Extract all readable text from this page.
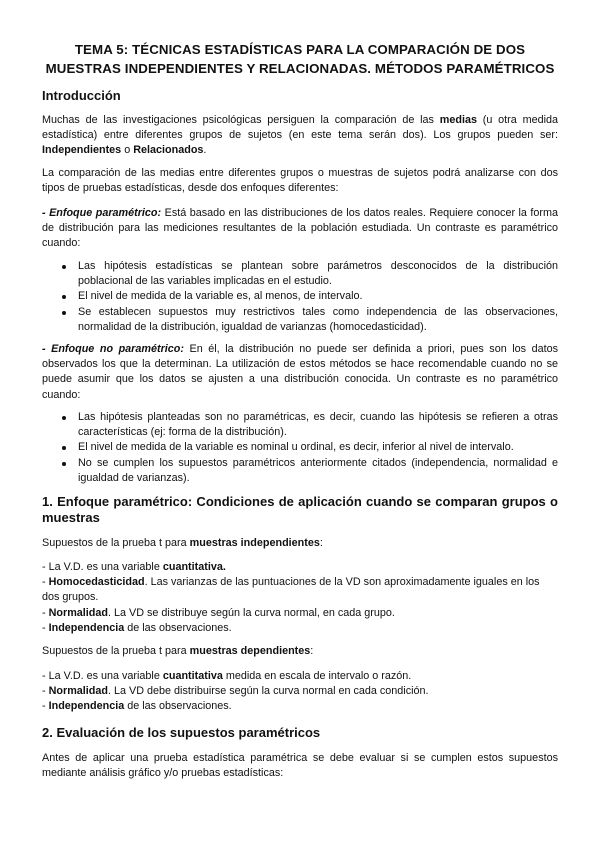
TEMA 5: TÉCNICAS ESTADÍSTICAS PARA LA COMPARACIÓN DE DOS
MUESTRAS INDEPENDIENTES Y RELACIONADAS. MÉTODOS PARAMÉTRICOS
Introducción

Muchas de las investigaciones psicológicas persiguen la comparación de las medias (u otra medida estadística) entre diferentes grupos de sujetos (en este tema serán dos). Los grupos pueden ser: Independientes o Relacionados.

La comparación de las medias entre diferentes grupos o muestras de sujetos podrá analizarse con dos tipos de pruebas estadísticas, desde dos enfoques diferentes:

- Enfoque paramétrico: Está basado en las distribuciones de los datos reales. Requiere conocer la forma de distribución para las mediciones resultantes de la población estudiada. Un contraste es paramétrico cuando:

Las hipótesis estadísticas se plantean sobre parámetros desconocidos de la distribución poblacional de las variables implicadas en el estudio.
El nivel de medida de la variable es, al menos, de intervalo.
Se establecen supuestos muy restrictivos tales como independencia de las observaciones, normalidad de la distribución, igualdad de varianzas (homocedasticidad).

- Enfoque no paramétrico: En él, la distribución no puede ser definida a priori, pues son los datos observados los que la determinan. La utilización de estos métodos se hace recomendable cuando no se puede asumir que los datos se ajusten a una distribución conocida. Un contraste es no paramétrico cuando:

Las hipótesis planteadas son no paramétricas, es decir, cuando las hipótesis se refieren a otras características (ej: forma de la distribución).
El nivel de medida de la variable es nominal u ordinal, es decir, inferior al nivel de intervalo.
No se cumplen los supuestos paramétricos anteriormente citados (independencia, normalidad e igualdad de varianzas).
1. Enfoque paramétrico: Condiciones de aplicación cuando se comparan grupos o muestras
Supuestos de la prueba t para muestras independientes:
- La V.D. es una variable cuantitativa.
- Homocedasticidad. Las varianzas de las puntuaciones de la VD son aproximadamente iguales en los dos grupos.
- Normalidad. La VD se distribuye según la curva normal, en cada grupo.
- Independencia de las observaciones.
Supuestos de la prueba t para muestras dependientes:
- La V.D. es una variable cuantitativa medida en escala de intervalo o razón.
- Normalidad. La VD debe distribuirse según la curva normal en cada condición.
- Independencia de las observaciones.
2. Evaluación de los supuestos paramétricos

Antes de aplicar una prueba estadística paramétrica se debe evaluar si se cumplen estos supuestos mediante análisis gráfico y/o pruebas estadísticas:
